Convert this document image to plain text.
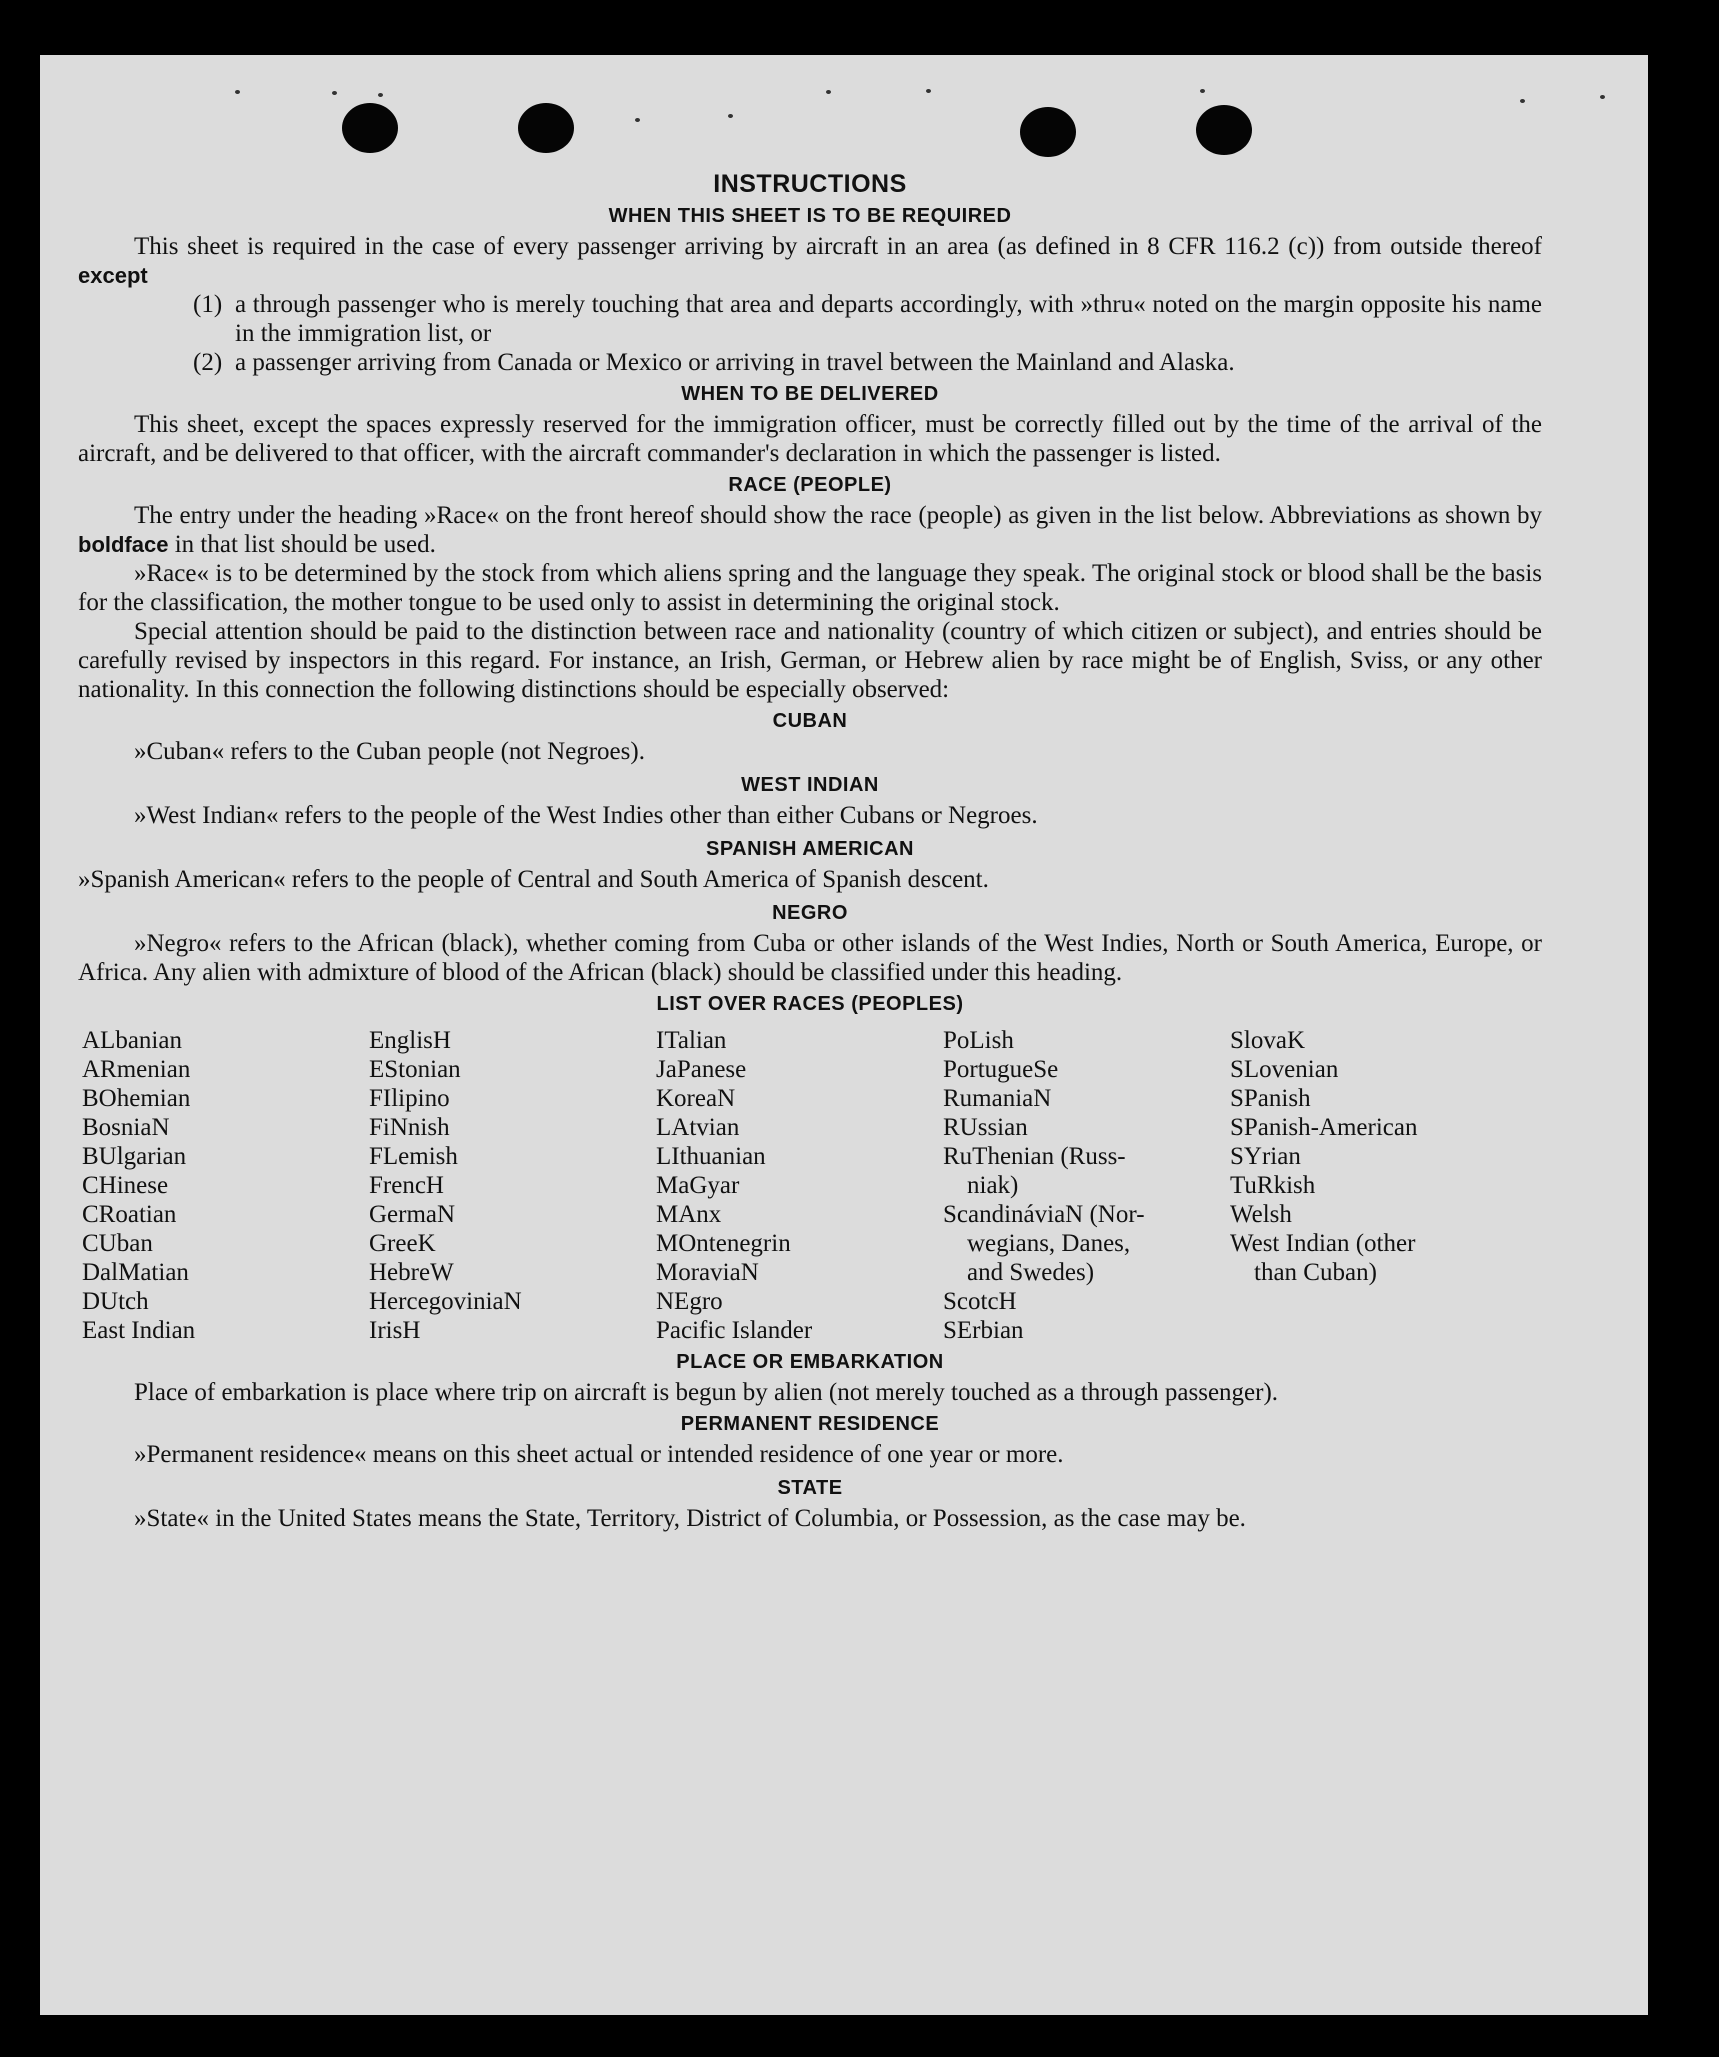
INSTRUCTIONS
WHEN THIS SHEET IS TO BE REQUIRED

This sheet is required in the case of every passenger arriving by aircraft in an area (as defined in 8 CFR 116.2 (c)) from outside thereof except

(1) a through passenger who is merely touching that area and departs accordingly, with »thru« noted on the margin opposite his name in the immigration list, or
(2) a passenger arriving from Canada or Mexico or arriving in travel between the Mainland and Alaska.
WHEN TO BE DELIVERED

This sheet, except the spaces expressly reserved for the immigration officer, must be correctly filled out by the time of the arrival of the aircraft, and be delivered to that officer, with the aircraft commander's declaration in which the passenger is listed.

RACE (PEOPLE)

The entry under the heading »Race« on the front hereof should show the race (people) as given in the list below. Abbreviations as shown by boldface in that list should be used.

»Race« is to be determined by the stock from which aliens spring and the language they speak. The original stock or blood shall be the basis for the classification, the mother tongue to be used only to assist in determining the original stock.

Special attention should be paid to the distinction between race and nationality (country of which citizen or subject), and entries should be carefully revised by inspectors in this regard. For instance, an Irish, German, or Hebrew alien by race might be of English, Sviss, or any other nationality. In this connection the following distinctions should be especially observed:

CUBAN

»Cuban« refers to the Cuban people (not Negroes).

WEST INDIAN

»West Indian« refers to the people of the West Indies other than either Cubans or Negroes.

SPANISH AMERICAN

»Spanish American« refers to the people of Central and South America of Spanish descent.

NEGRO

»Negro« refers to the African (black), whether coming from Cuba or other islands of the West Indies, North or South America, Europe, or Africa. Any alien with admixture of blood of the African (black) should be classified under this heading.

LIST OVER RACES (PEOPLES)
ALbanian
ARmenian
BOhemian
BosniaN
BUlgarian
CHinese
CRoatian
CUban
DalMatian
DUtch
East Indian
EnglisH
EStonian
FIlipino
FiNnish
FLemish
FrencH
GermaN
GreeK
HebreW
HercegoviniaN
IrisH
ITalian
JaPanese
KoreaN
LAtvian
LIthuanian
MaGyar
MAnx
MOntenegrin
MoraviaN
NEgro
Pacific Islander
PoLish
PortugueSe
RumaniaN
RUssian
RuThenian (Russ-
niak)
ScandináviaN (Nor-
wegians, Danes,
and Swedes)
ScotcH
SErbian
SlovaK
SLovenian
SPanish
SPanish-American
SYrian
TuRkish
Welsh
West Indian (other
than Cuban)
PLACE OR EMBARKATION

Place of embarkation is place where trip on aircraft is begun by alien (not merely touched as a through passenger).

PERMANENT RESIDENCE

»Permanent residence« means on this sheet actual or intended residence of one year or more.

STATE

»State« in the United States means the State, Territory, District of Columbia, or Possession, as the case may be.
